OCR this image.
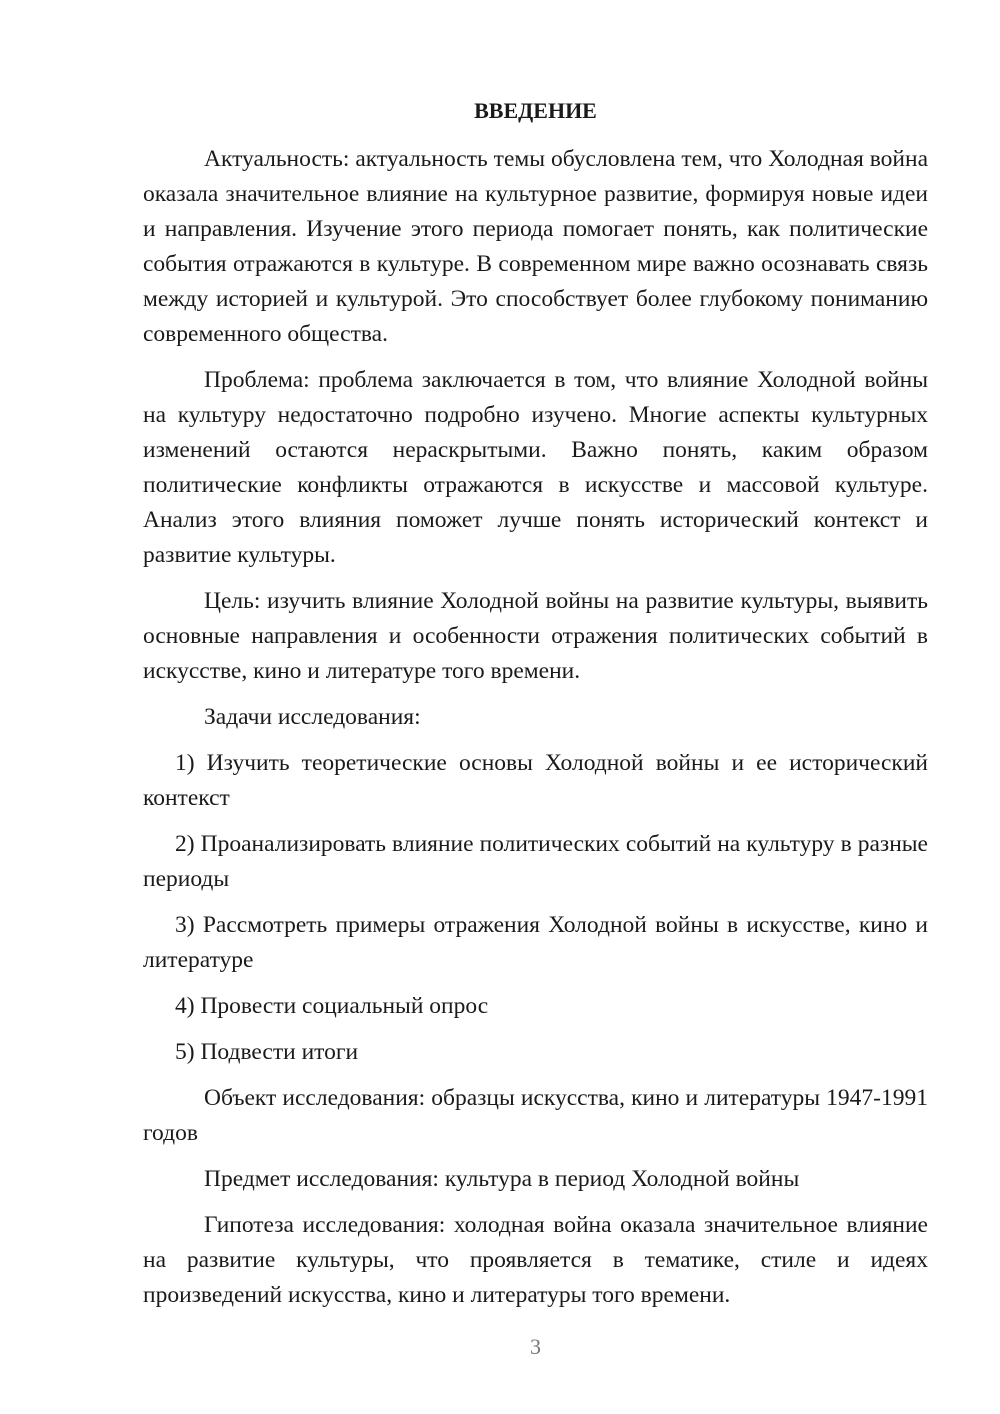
ВВЕДЕНИЕ

Актуальность: актуальность темы обусловлена тем, что Холодная война оказала значительное влияние на культурное развитие, формируя новые идеи и направления. Изучение этого периода помогает понять, как политические события отражаются в культуре. В современном мире важно осознавать связь между историей и культурой. Это способствует более глубокому пониманию современного общества.

Проблема: проблема заключается в том, что влияние Холодной войны на культуру недостаточно подробно изучено. Многие аспекты культурных изменений остаются нераскрытыми. Важно понять, каким образом политические конфликты отражаются в искусстве и массовой культуре. Анализ этого влияния поможет лучше понять исторический контекст и развитие культуры.

Цель: изучить влияние Холодной войны на развитие культуры, выявить основные направления и особенности отражения политических событий в искусстве, кино и литературе того времени.

Задачи исследования:

1) Изучить теоретические основы Холодной войны и ее исторический контекст

2) Проанализировать влияние политических событий на культуру в разные периоды

3) Рассмотреть примеры отражения Холодной войны в искусстве, кино и литературе

4) Провести социальный опрос

5) Подвести итоги

Объект исследования: образцы искусства, кино и литературы 1947-1991 годов

Предмет исследования: культура в период Холодной войны

Гипотеза исследования: холодная война оказала значительное влияние на развитие культуры, что проявляется в тематике, стиле и идеях произведений искусства, кино и литературы того времени.

3
